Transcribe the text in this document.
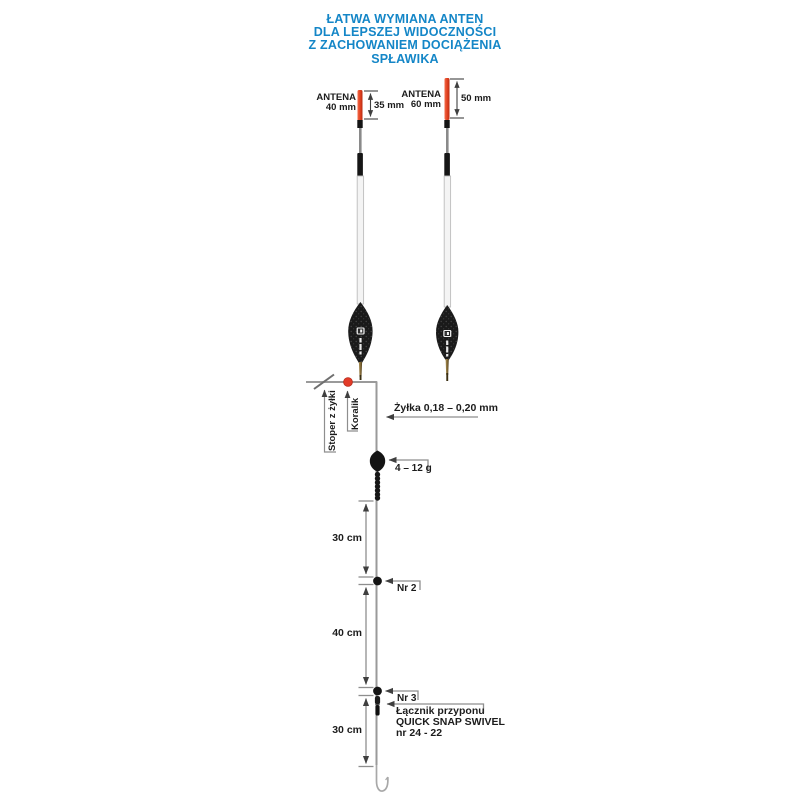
ŁATWA WYMIANA ANTEN
DLA LEPSZEJ WIDOCZNOŚCI
Z ZACHOWANIEM DOCIĄŻENIA
SPŁAWIKA
ANTENA
40 mm 35 mm
ANTENA
60 mm 50 mm
Stoper z żyłki Koralik	Żyłka 0,18 – 0,20 mm
4 – 12 g
30 cm
Nr 2
40 cm
Nr 3
30 cm
Łącznik przyponu
QUICK SNAP SWIVEL
nr 24 - 22
